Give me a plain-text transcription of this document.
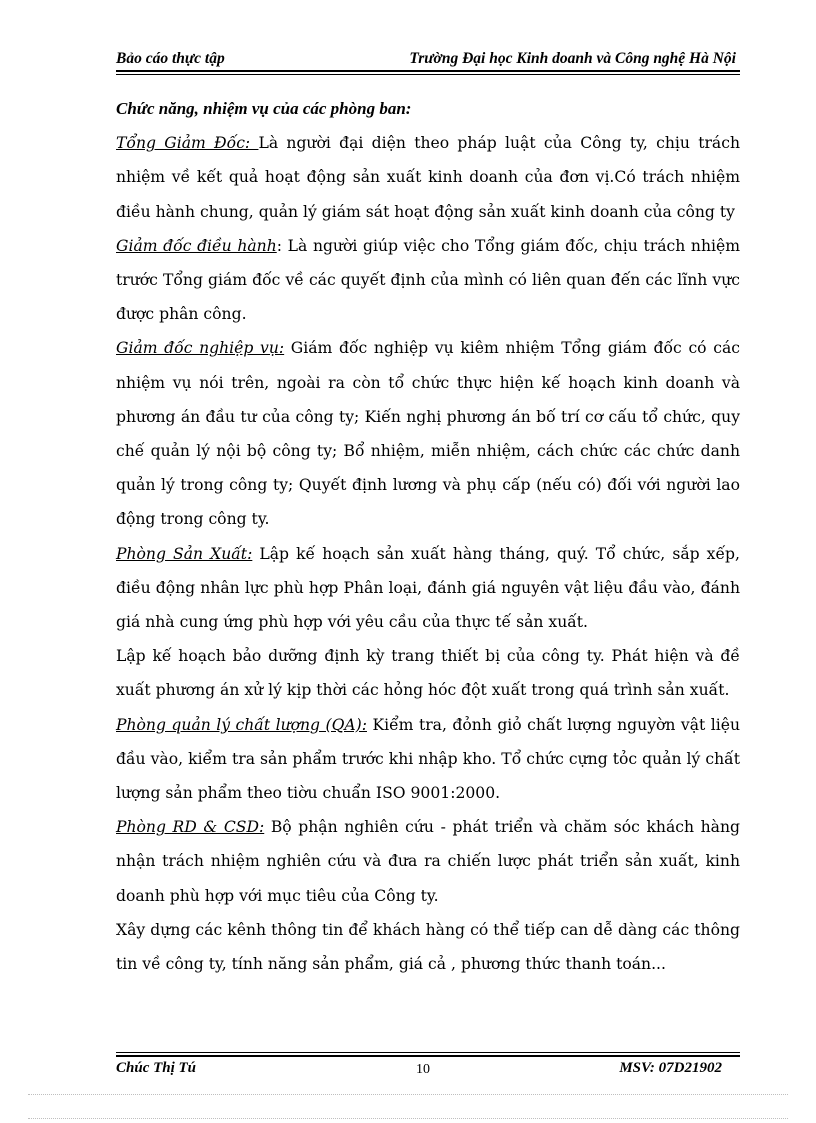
Bảo cáo thực tập	Trường Đại học Kinh doanh và Công nghệ Hà Nội

Chức năng, nhiệm vụ của các phòng ban:

Tổng Giảm Đốc: Là người đại diện theo pháp luật của Công ty, chịu trách nhiệm về kết quả hoạt động sản xuất kinh doanh của đơn vị.Có trách nhiệm điều hành chung, quản lý giám sát hoạt động sản xuất kinh doanh của công ty

Giảm đốc điều hành: Là người giúp việc cho Tổng giám đốc, chịu trách nhiệm trước Tổng giám đốc về các quyết định của mình có liên quan đến các lĩnh vực được phân công.

Giảm đốc nghiệp vụ: Giám đốc nghiệp vụ kiêm nhiệm Tổng giám đốc có các nhiệm vụ nói trên, ngoài ra còn tổ chức thực hiện kế hoạch kinh doanh và phương án đầu tư của công ty; Kiến nghị phương án bố trí cơ cấu tổ chức, quy chế quản lý nội bộ công ty; Bổ nhiệm, miễn nhiệm, cách chức các chức danh quản lý trong công ty; Quyết định lương và phụ cấp (nếu có) đối với người lao động trong công ty.

Phòng Sản Xuất: Lập kế hoạch sản xuất hàng tháng, quý. Tổ chức, sắp xếp, điều động nhân lực phù hợp Phân loại, đánh giá nguyên vật liệu đầu vào, đánh giá nhà cung ứng phù hợp với yêu cầu của thực tế sản xuất.

Lập kế hoạch bảo dưỡng định kỳ trang thiết bị của công ty. Phát hiện và đề xuất phương án xử lý kịp thời các hỏng hóc đột xuất trong quá trình sản xuất.

Phòng quản lý chất lượng (QA): Kiểm tra, đỏnh giỏ chất lượng nguyờn vật liệu đầu vào, kiểm tra sản phẩm trước khi nhập kho. Tổ chức cựng tỏc quản lý chất lượng sản phẩm theo tiờu chuẩn ISO 9001:2000.

Phòng RD & CSD: Bộ phận nghiên cứu - phát triển và chăm sóc khách hàng nhận trách nhiệm nghiên cứu và đưa ra chiến lược phát triển sản xuất, kinh doanh phù hợp với mục tiêu của Công ty.

Xây dựng các kênh thông tin để khách hàng có thể tiếp can dễ dàng các thông tin về công ty, tính năng sản phẩm, giá cả , phương thức thanh toán...

Chúc Thị Tú	10	MSV: 07D21902
